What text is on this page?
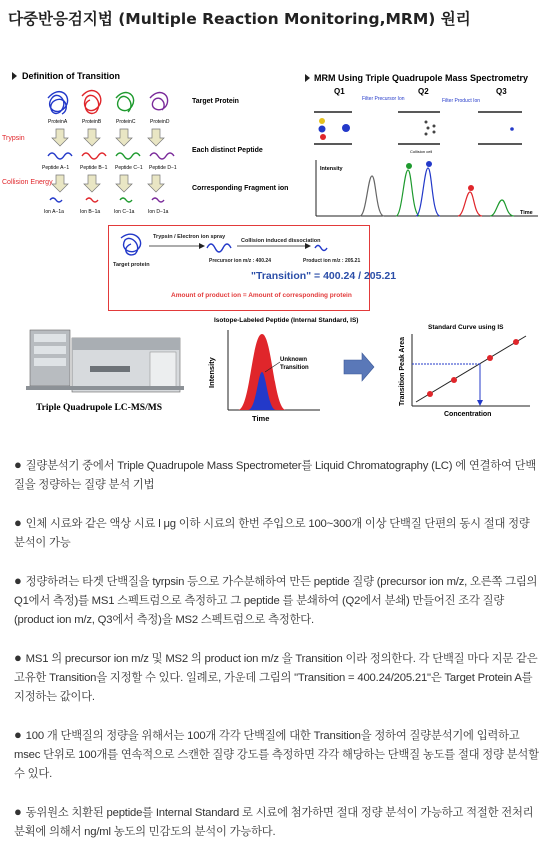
다중반응검지법 (Multiple Reaction Monitoring,MRM) 원리
Definition of Transition
ProteinA	ProteinB	ProteinC	ProteinD
Trypsin
Peptide A−1 Peptide B−1 Peptide C−1 Peptide D−1
Collision Energy
Ion A−1a	Ion B−1a	Ion C−1a	Ion D−1a
Target Protein
Each distinct Peptide
Corresponding Fragment ion
MRM Using Triple Quadrupole Mass Spectrometry
Q1	Q2	Q3
Filter Precursor Ion	Filter Product Ion
Collision cell
Intensity
Time
Triple Quadrupole LC-MS/MS
Isotope-Labeled Peptide (Internal Standard, IS)
Intensity
Time
Unknown
Transition
Standard Curve using IS
Transition Peak Area
Concentration
Trypsin / Electron ion spray
Collision induced dissociation
Target protein
Precursor ion m/z : 400.24	Product ion m/z : 205.21
"Transition" = 400.24 / 205.21
Amount of product ion = Amount of corresponding protein
● 질량분석기 중에서 Triple Quadrupole Mass Spectrometer를 Liquid Chromatography (LC) 에 연결하여 단백질을 정량하는 질량 분석 기법
● 인체 시료와 같은 액상 시료 l μg 이하 시료의 한번 주입으로 100~300개 이상 단백질 단편의 동시 절대 정량 분석이 가능
● 정량하려는 타겟 단백질을 tyrpsin 등으로 가수분해하여 만든 peptide 질량 (precursor ion m/z, 오른쪽 그림의 Q1에서 측정)를 MS1 스펙트럼으로 측정하고 그 peptide 를 분쇄하여 (Q2에서 분쇄) 만들어진 조각 질량 (product ion m/z, Q3에서 측정)을 MS2 스펙트럼으로 측정한다.
● MS1 의 precursor ion m/z 및 MS2 의 product ion m/z 을 Transition 이라 정의한다. 각 단백질 마다 지문 같은 고유한 Transition을 지정할 수 있다. 일례로, 가운데 그림의 "Transition = 400.24/205.21"은 Target Protein A를 지정하는 값이다.
● 100 개 단백질의 정량을 위해서는 100개 각각 단백질에 대한 Transition을 정하여 질량분석기에 입력하고 msec 단위로 100개를 연속적으로 스캔한 질량 강도를 측정하면 각각 해당하는 단백질 농도를 절대 정량 분석할 수 있다.
● 동위원소 치환된 peptide를 Internal Standard 로 시료에 첨가하면 절대 정량 분석이 가능하고 적절한 전처리 분획에 의해서 ng/ml 농도의 민감도의 분석이 가능하다.
